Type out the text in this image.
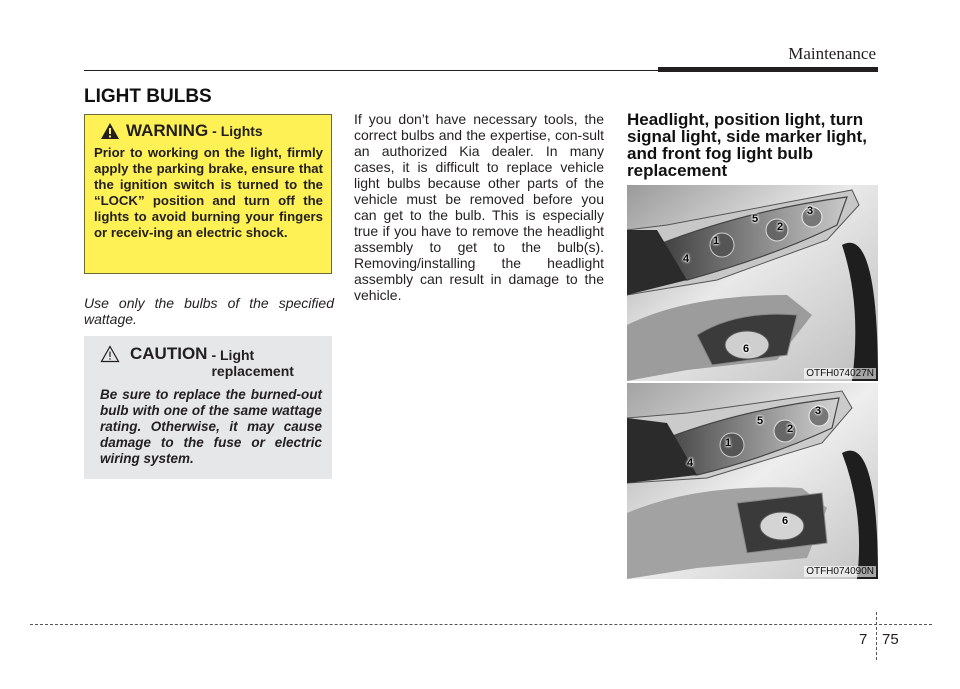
Maintenance
LIGHT BULBS
WARNING - Lights
Prior to working on the light, firmly apply the parking brake, ensure that the ignition switch is turned to the “LOCK” position and turn off the lights to avoid burning your fingers or receiv-ing an electric shock.
Use only the bulbs of the specified wattage.
CAUTION - Light replacement
Be sure to replace the burned-out bulb with one of the same wattage rating. Otherwise, it may cause damage to the fuse or electric wiring system.
If you don’t have necessary tools, the correct bulbs and the expertise, con-sult an authorized Kia dealer. In many cases, it is difficult to replace vehicle light bulbs because other parts of the vehicle must be removed before you can get to the bulb. This is especially true if you have to remove the headlight assembly to get to the bulb(s). Removing/installing the headlight assembly can result in damage to the vehicle.
Headlight, position light, turn signal light, side marker light, and front fog light bulb replacement
1
2
3
4
5
6
OTFH074027N
1
2
3
4
5
6
OTFH074090N
7 75
